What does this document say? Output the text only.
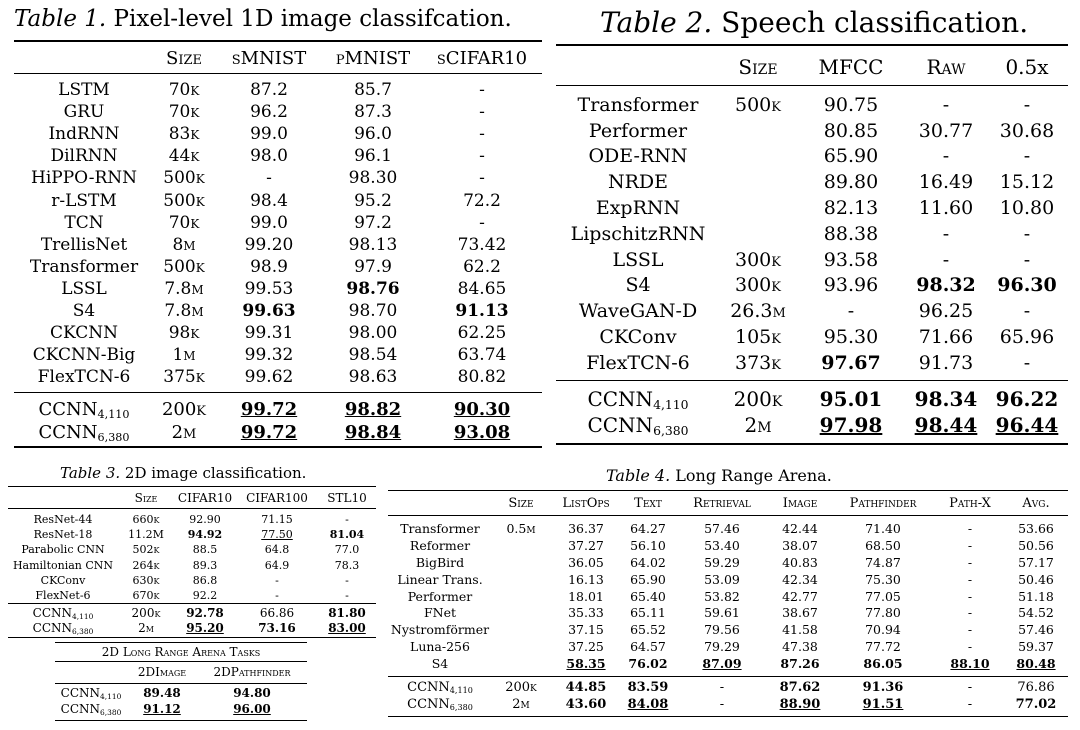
Table 1. Pixel-level 1D image classifcation.
	Size	sMNIST	pMNIST	sCIFAR10
LSTM	70k	87.2	85.7	-
GRU	70k	96.2	87.3	-
IndRNN	83k	99.0	96.0	-
DilRNN	44k	98.0	96.1	-
HiPPO-RNN	500k	-	98.30	-
r-LSTM	500k	98.4	95.2	72.2
TCN	70k	99.0	97.2	-
TrellisNet	8m	99.20	98.13	73.42
Transformer	500k	98.9	97.9	62.2
LSSL	7.8m	99.53	98.76	84.65
S4	7.8m	99.63	98.70	91.13
CKCNN	98k	99.31	98.00	62.25
CKCNN-Big	1m	99.32	98.54	63.74
FlexTCN-6	375k	99.62	98.63	80.82
$CCNN_{4,110}$	200k	99.72	98.82	90.30
$CCNN_{6,380}$	2m	99.72	98.84	93.08
Table 2. Speech classification.
	Size	MFCC	Raw	0.5x
Transformer	500k	90.75	-	-
Performer		80.85	30.77	30.68
ODE-RNN		65.90	-	-
NRDE		89.80	16.49	15.12
ExpRNN		82.13	11.60	10.80
LipschitzRNN		88.38	-	-
LSSL	300k	93.58	-	-
S4	300k	93.96	98.32	96.30
WaveGAN-D	26.3m	-	96.25	-
CKConv	105k	95.30	71.66	65.96
FlexTCN-6	373k	97.67	91.73	-
$CCNN_{4,110}$	200k	95.01	98.34	96.22
$CCNN_{6,380}$	2m	97.98	98.44	96.44
Table 3. 2D image classification.
	Size	CIFAR10	CIFAR100	STL10
ResNet-44	660k	92.90	71.15	-
ResNet-18	11.2M	94.92	77.50	81.04
Parabolic CNN	502k	88.5	64.8	77.0
Hamiltonian CNN	264k	89.3	64.9	78.3
CKConv	630k	86.8	-	-
FlexNet-6	670k	92.2	-	-
$CCNN_{4,110}$	200k	92.78	66.86	81.80
$CCNN_{6,380}$	2m	95.20	73.16	83.00
2D Long Range Arena Tasks
	2DImage	2DPathfinder
$CCNN_{4,110}$	89.48	94.80
$CCNN_{6,380}$	91.12	96.00
Table 4. Long Range Arena.
	Size	ListOps	Text	Retrieval	Image	Pathfinder	Path-X	Avg.
Transformer	0.5m	36.37	64.27	57.46	42.44	71.40	-	53.66
Reformer		37.27	56.10	53.40	38.07	68.50	-	50.56
BigBird		36.05	64.02	59.29	40.83	74.87	-	57.17
Linear Trans.		16.13	65.90	53.09	42.34	75.30	-	50.46
Performer		18.01	65.40	53.82	42.77	77.05	-	51.18
FNet		35.33	65.11	59.61	38.67	77.80	-	54.52
Nystromförmer		37.15	65.52	79.56	41.58	70.94	-	57.46
Luna-256		37.25	64.57	79.29	47.38	77.72	-	59.37
S4		58.35	76.02	87.09	87.26	86.05	88.10	80.48
$CCNN_{4,110}$	200k	44.85	83.59	-	87.62	91.36	-	76.86
$CCNN_{6,380}$	2m	43.60	84.08	-	88.90	91.51	-	77.02
